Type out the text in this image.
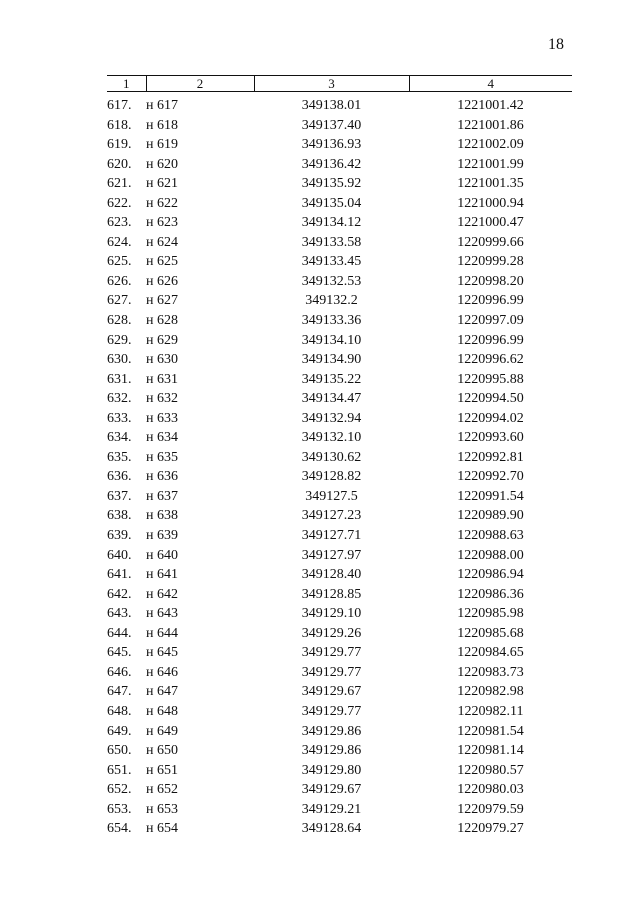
18
1	2	3	4
617.	н 617	349138.01	1221001.42
618.	н 618	349137.40	1221001.86
619.	н 619	349136.93	1221002.09
620.	н 620	349136.42	1221001.99
621.	н 621	349135.92	1221001.35
622.	н 622	349135.04	1221000.94
623.	н 623	349134.12	1221000.47
624.	н 624	349133.58	1220999.66
625.	н 625	349133.45	1220999.28
626.	н 626	349132.53	1220998.20
627.	н 627	349132.2	1220996.99
628.	н 628	349133.36	1220997.09
629.	н 629	349134.10	1220996.99
630.	н 630	349134.90	1220996.62
631.	н 631	349135.22	1220995.88
632.	н 632	349134.47	1220994.50
633.	н 633	349132.94	1220994.02
634.	н 634	349132.10	1220993.60
635.	н 635	349130.62	1220992.81
636.	н 636	349128.82	1220992.70
637.	н 637	349127.5	1220991.54
638.	н 638	349127.23	1220989.90
639.	н 639	349127.71	1220988.63
640.	н 640	349127.97	1220988.00
641.	н 641	349128.40	1220986.94
642.	н 642	349128.85	1220986.36
643.	н 643	349129.10	1220985.98
644.	н 644	349129.26	1220985.68
645.	н 645	349129.77	1220984.65
646.	н 646	349129.77	1220983.73
647.	н 647	349129.67	1220982.98
648.	н 648	349129.77	1220982.11
649.	н 649	349129.86	1220981.54
650.	н 650	349129.86	1220981.14
651.	н 651	349129.80	1220980.57
652.	н 652	349129.67	1220980.03
653.	н 653	349129.21	1220979.59
654.	н 654	349128.64	1220979.27
